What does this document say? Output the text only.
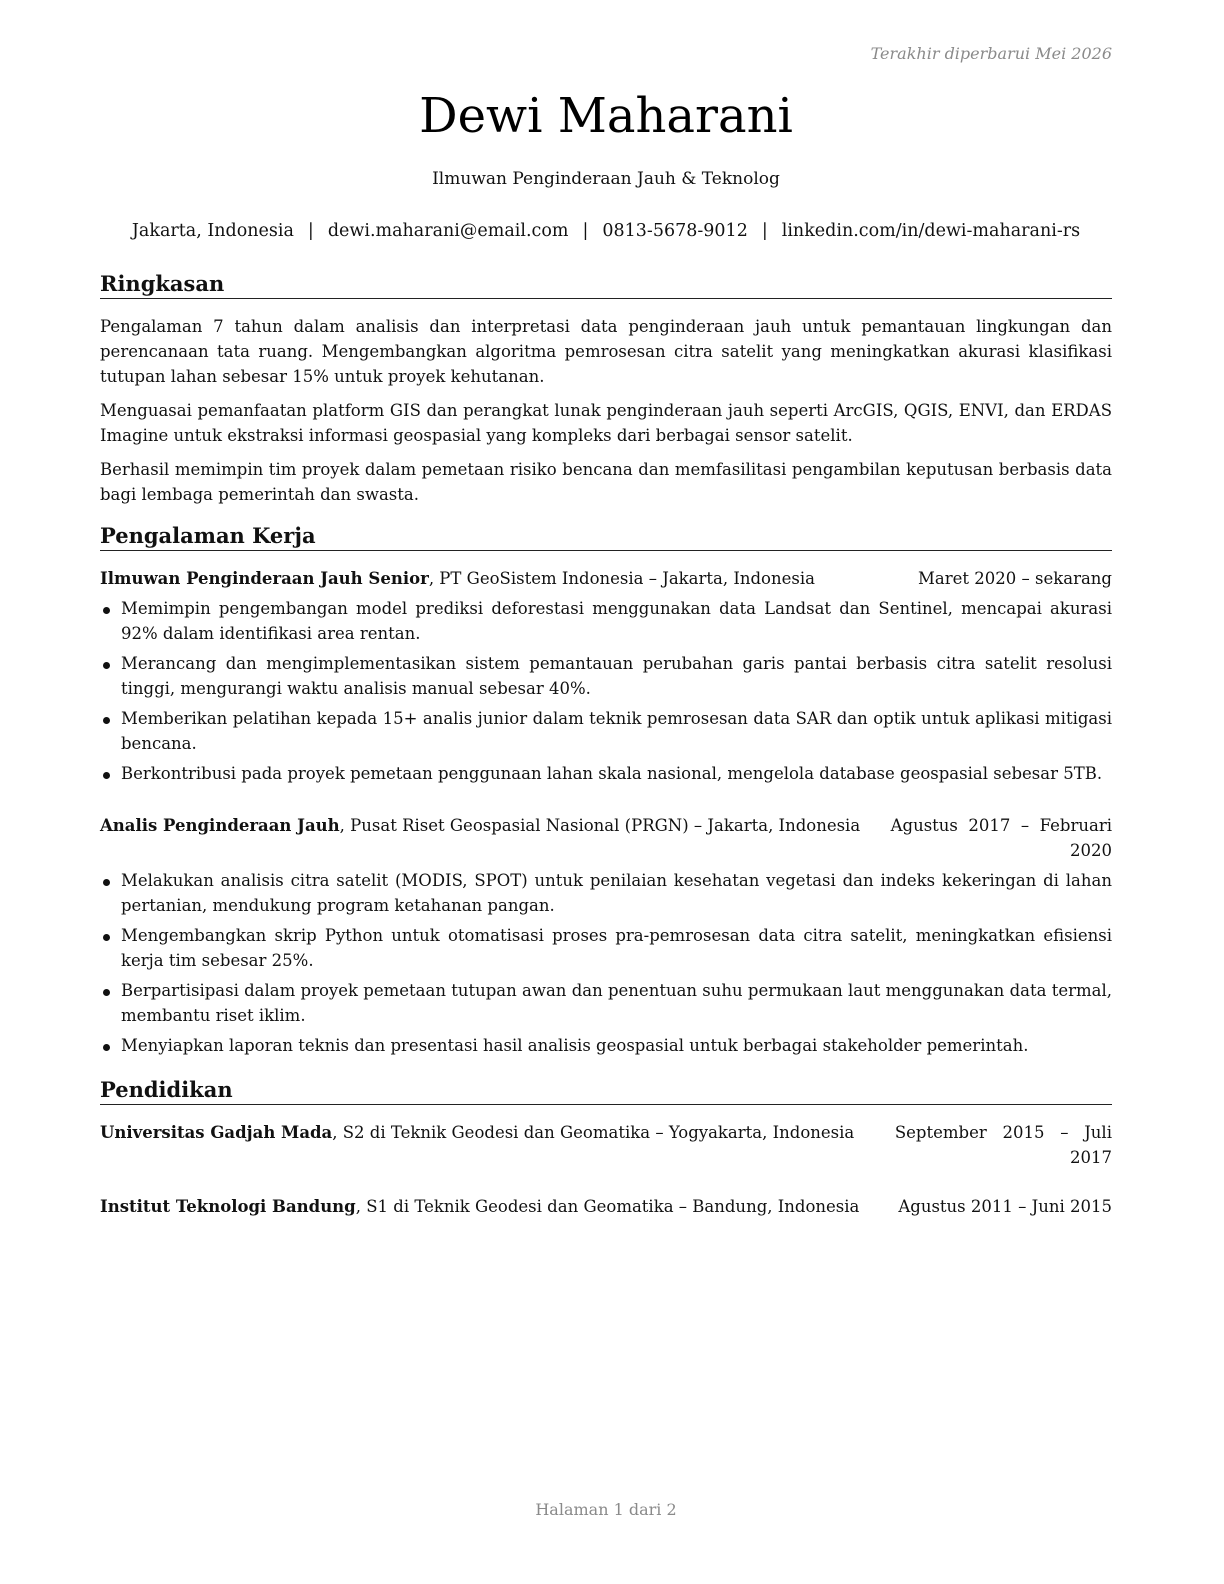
Terakhir diperbarui Mei 2026
Dewi Maharani
Ilmuwan Penginderaan Jauh & Teknolog
Jakarta, Indonesia | dewi.maharani@email.com | 0813-5678-9012 | linkedin.com/in/dewi-maharani-rs
Ringkasan
Pengalaman 7 tahun dalam analisis dan interpretasi data penginderaan jauh untuk pemantauan lingkungan dan perencanaan tata ruang. Mengembangkan algoritma pemrosesan citra satelit yang meningkatkan akurasi klasifikasi tutupan lahan sebesar 15% untuk proyek kehutanan.
Menguasai pemanfaatan platform GIS dan perangkat lunak penginderaan jauh seperti ArcGIS, QGIS, ENVI, dan ERDAS Imagine untuk ekstraksi informasi geospasial yang kompleks dari berbagai sensor satelit.
Berhasil memimpin tim proyek dalam pemetaan risiko bencana dan memfasilitasi pengambilan keputusan berbasis data bagi lembaga pemerintah dan swasta.
Pengalaman Kerja
Ilmuwan Penginderaan Jauh Senior, PT GeoSistem Indonesia – Jakarta, Indonesia	Maret 2020 – sekarang
Memimpin pengembangan model prediksi deforestasi menggunakan data Landsat dan Sentinel, mencapai akurasi 92% dalam identifikasi area rentan.
Merancang dan mengimplementasikan sistem pemantauan perubahan garis pantai berbasis citra satelit resolusi tinggi, mengurangi waktu analisis manual sebesar 40%.
Memberikan pelatihan kepada 15+ analis junior dalam teknik pemrosesan data SAR dan optik untuk aplikasi mitigasi bencana.
Berkontribusi pada proyek pemetaan penggunaan lahan skala nasional, mengelola database geospasial sebesar 5TB.
Analis Penginderaan Jauh, Pusat Riset Geospasial Nasional (PRGN) – Jakarta, Indonesia Agustus  2017  –  Februari
2020
Melakukan analisis citra satelit (MODIS, SPOT) untuk penilaian kesehatan vegetasi dan indeks kekeringan di lahan pertanian, mendukung program ketahanan pangan.
Mengembangkan skrip Python untuk otomatisasi proses pra-pemrosesan data citra satelit, meningkatkan efisiensi kerja tim sebesar 25%.
Berpartisipasi dalam proyek pemetaan tutupan awan dan penentuan suhu permukaan laut menggunakan data termal, membantu riset iklim.
Menyiapkan laporan teknis dan presentasi hasil analisis geospasial untuk berbagai stakeholder pemerintah.
Pendidikan
Universitas Gadjah Mada, S2 di Teknik Geodesi dan Geomatika – Yogyakarta, Indonesia September   2015   –   Juli
2017
Institut Teknologi Bandung, S1 di Teknik Geodesi dan Geomatika – Bandung, Indonesia Agustus 2011 – Juni 2015
Halaman 1 dari 2
